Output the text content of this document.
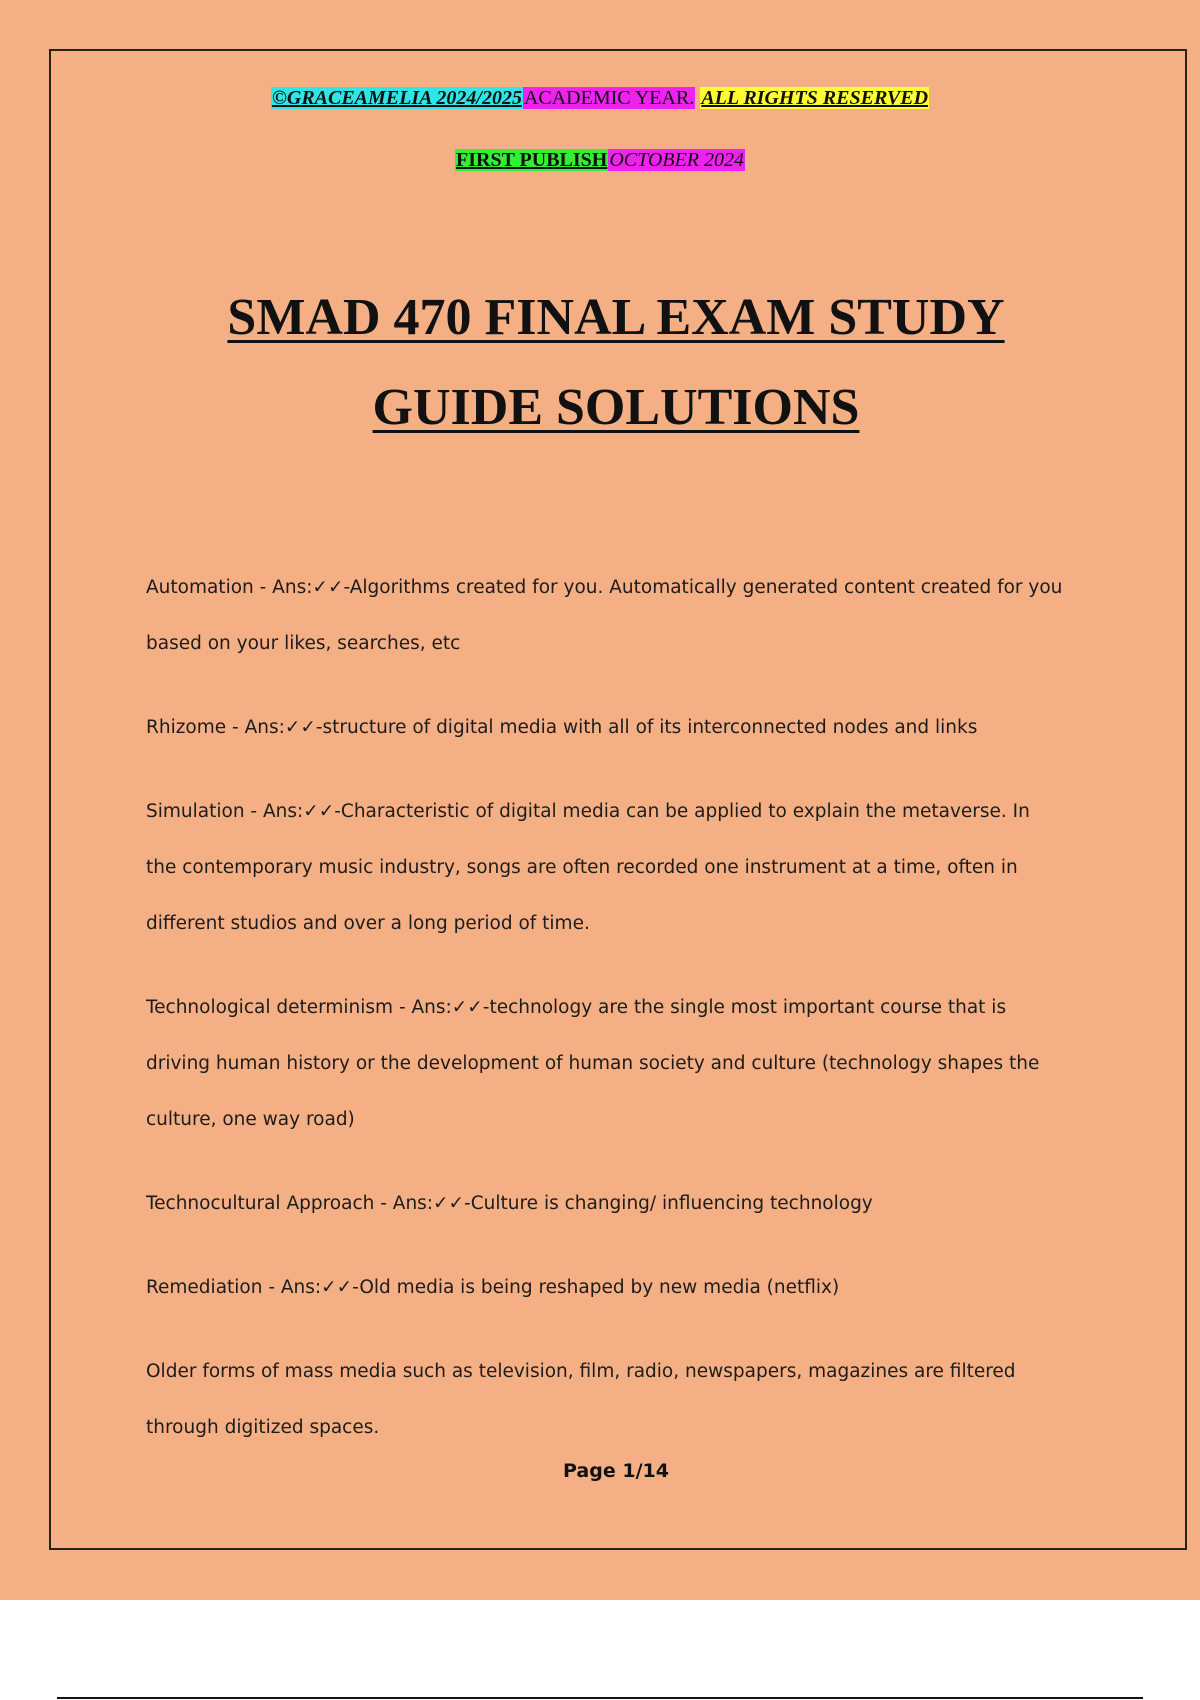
©GRACEAMELIA 2024/2025 ACADEMIC YEAR. ALL RIGHTS RESERVED
FIRST PUBLISH OCTOBER 2024
SMAD 470 FINAL EXAM STUDY
GUIDE SOLUTIONS

Automation - Ans:✓✓-Algorithms created for you. Automatically generated content created for you based on your likes, searches, etc

Rhizome - Ans:✓✓-structure of digital media with all of its interconnected nodes and links

Simulation - Ans:✓✓-Characteristic of digital media can be applied to explain the metaverse. In the contemporary music industry, songs are often recorded one instrument at a time, often in different studios and over a long period of time.

Technological determinism - Ans:✓✓-technology are the single most important course that is driving human history or the development of human society and culture (technology shapes the culture, one way road)

Technocultural Approach - Ans:✓✓-Culture is changing/ influencing technology

Remediation - Ans:✓✓-Old media is being reshaped by new media (netflix)

Older forms of mass media such as television, film, radio, newspapers, magazines are filtered through digitized spaces.

Page 1/14
